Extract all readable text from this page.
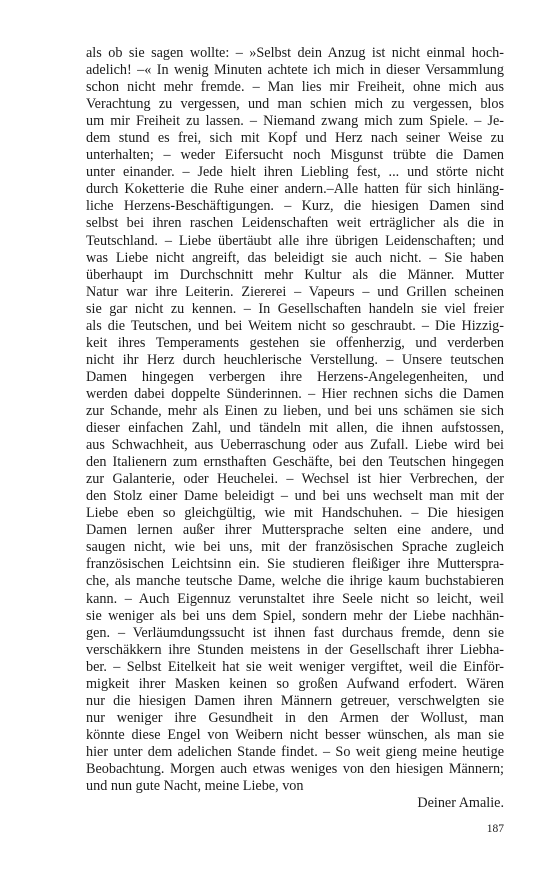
als ob sie sagen wollte: – »Selbst dein Anzug ist nicht einmal hoch-
adelich! –« In wenig Minuten achtete ich mich in dieser Versammlung
schon nicht mehr fremde. – Man lies mir Freiheit, ohne mich aus
Verachtung zu vergessen, und man schien mich zu vergessen, blos
um mir Freiheit zu lassen. – Niemand zwang mich zum Spiele. – Je-
dem stund es frei, sich mit Kopf und Herz nach seiner Weise zu
unterhalten; – weder Eifersucht noch Misgunst trübte die Damen
unter einander. – Jede hielt ihren Liebling fest, ... und störte nicht
durch Koketterie die Ruhe einer andern.–Alle hatten für sich hinläng-
liche Herzens-Beschäftigungen. – Kurz, die hiesigen Damen sind
selbst bei ihren raschen Leidenschaften weit erträglicher als die in
Teutschland. – Liebe übertäubt alle ihre übrigen Leidenschaften; und
was Liebe nicht angreift, das beleidigt sie auch nicht. – Sie haben
überhaupt im Durchschnitt mehr Kultur als die Männer. Mutter
Natur war ihre Leiterin. Ziererei – Vapeurs – und Grillen scheinen
sie gar nicht zu kennen. – In Gesellschaften handeln sie viel freier
als die Teutschen, und bei Weitem nicht so geschraubt. – Die Hizzig-
keit ihres Temperaments gestehen sie offenherzig, und verderben
nicht ihr Herz durch heuchlerische Verstellung. – Unsere teutschen
Damen hingegen verbergen ihre Herzens-Angelegenheiten, und
werden dabei doppelte Sünderinnen. – Hier rechnen sichs die Damen
zur Schande, mehr als Einen zu lieben, und bei uns schämen sie sich
dieser einfachen Zahl, und tändeln mit allen, die ihnen aufstossen,
aus Schwachheit, aus Ueberraschung oder aus Zufall. Liebe wird bei
den Italienern zum ernsthaften Geschäfte, bei den Teutschen hingegen
zur Galanterie, oder Heuchelei. – Wechsel ist hier Verbrechen, der
den Stolz einer Dame beleidigt – und bei uns wechselt man mit der
Liebe eben so gleichgültig, wie mit Handschuhen. – Die hiesigen
Damen lernen außer ihrer Muttersprache selten eine andere, und
saugen nicht, wie bei uns, mit der französischen Sprache zugleich
französischen Leichtsinn ein. Sie studieren fleißiger ihre Mutterspra-
che, als manche teutsche Dame, welche die ihrige kaum buchstabieren
kann. – Auch Eigennuz verunstaltet ihre Seele nicht so leicht, weil
sie weniger als bei uns dem Spiel, sondern mehr der Liebe nachhän-
gen. – Verläumdungssucht ist ihnen fast durchaus fremde, denn sie
verschäkkern ihre Stunden meistens in der Gesellschaft ihrer Liebha-
ber. – Selbst Eitelkeit hat sie weit weniger vergiftet, weil die Einför-
migkeit ihrer Masken keinen so großen Aufwand erfodert. Wären
nur die hiesigen Damen ihren Männern getreuer, verschwelgten sie
nur weniger ihre Gesundheit in den Armen der Wollust, man
könnte diese Engel von Weibern nicht besser wünschen, als man sie
hier unter dem adelichen Stande findet. – So weit gieng meine heutige
Beobachtung. Morgen auch etwas weniges von den hiesigen Männern;
und nun gute Nacht, meine Liebe, von
Deiner Amalie.
187
